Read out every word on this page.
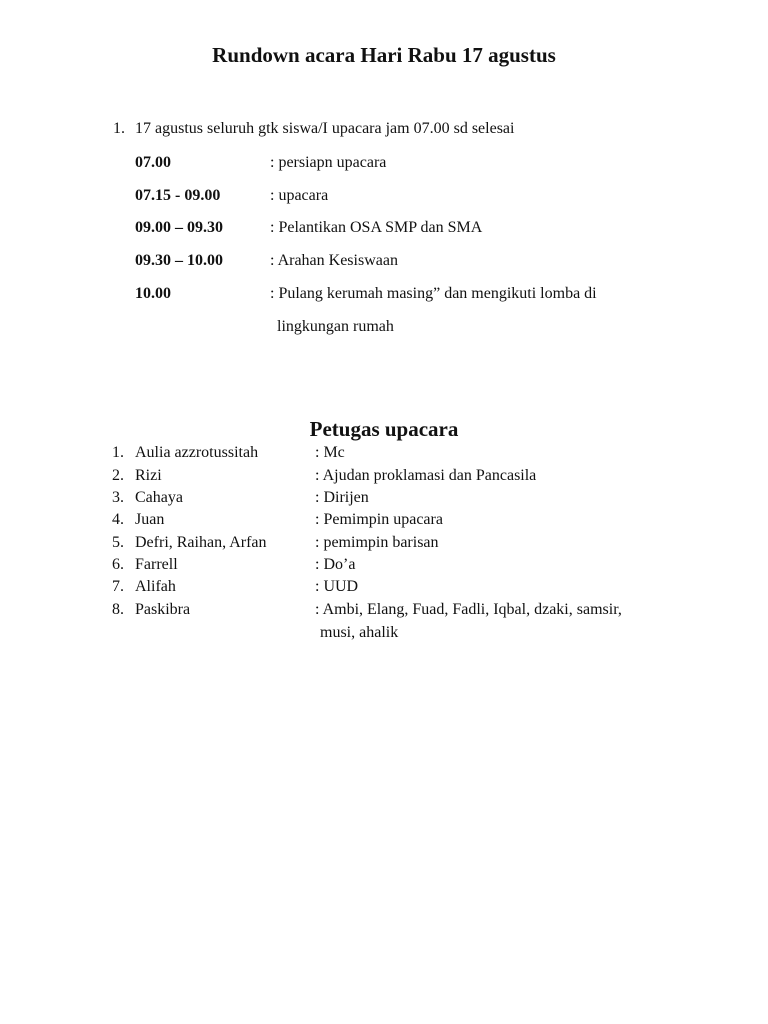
Rundown acara Hari Rabu 17 agustus
1. 17 agustus seluruh gtk siswa/I upacara jam 07.00 sd selesai
07.00	: persiapn upacara
07.15 - 09.00	: upacara
09.00 – 09.30	: Pelantikan OSA SMP dan SMA
09.30 – 10.00	: Arahan Kesiswaan
10.00	: Pulang kerumah masing” dan mengikuti lomba di
lingkungan rumah
Petugas upacara
1. Aulia azzrotussitah	: Mc
2. Rizi	: Ajudan proklamasi dan Pancasila
3. Cahaya	: Dirijen
4. Juan	: Pemimpin upacara
5. Defri, Raihan, Arfan	: pemimpin barisan
6. Farrell	: Do’a
7. Alifah	: UUD
8. Paskibra	: Ambi, Elang, Fuad, Fadli, Iqbal, dzaki, samsir,
musi, ahalik
